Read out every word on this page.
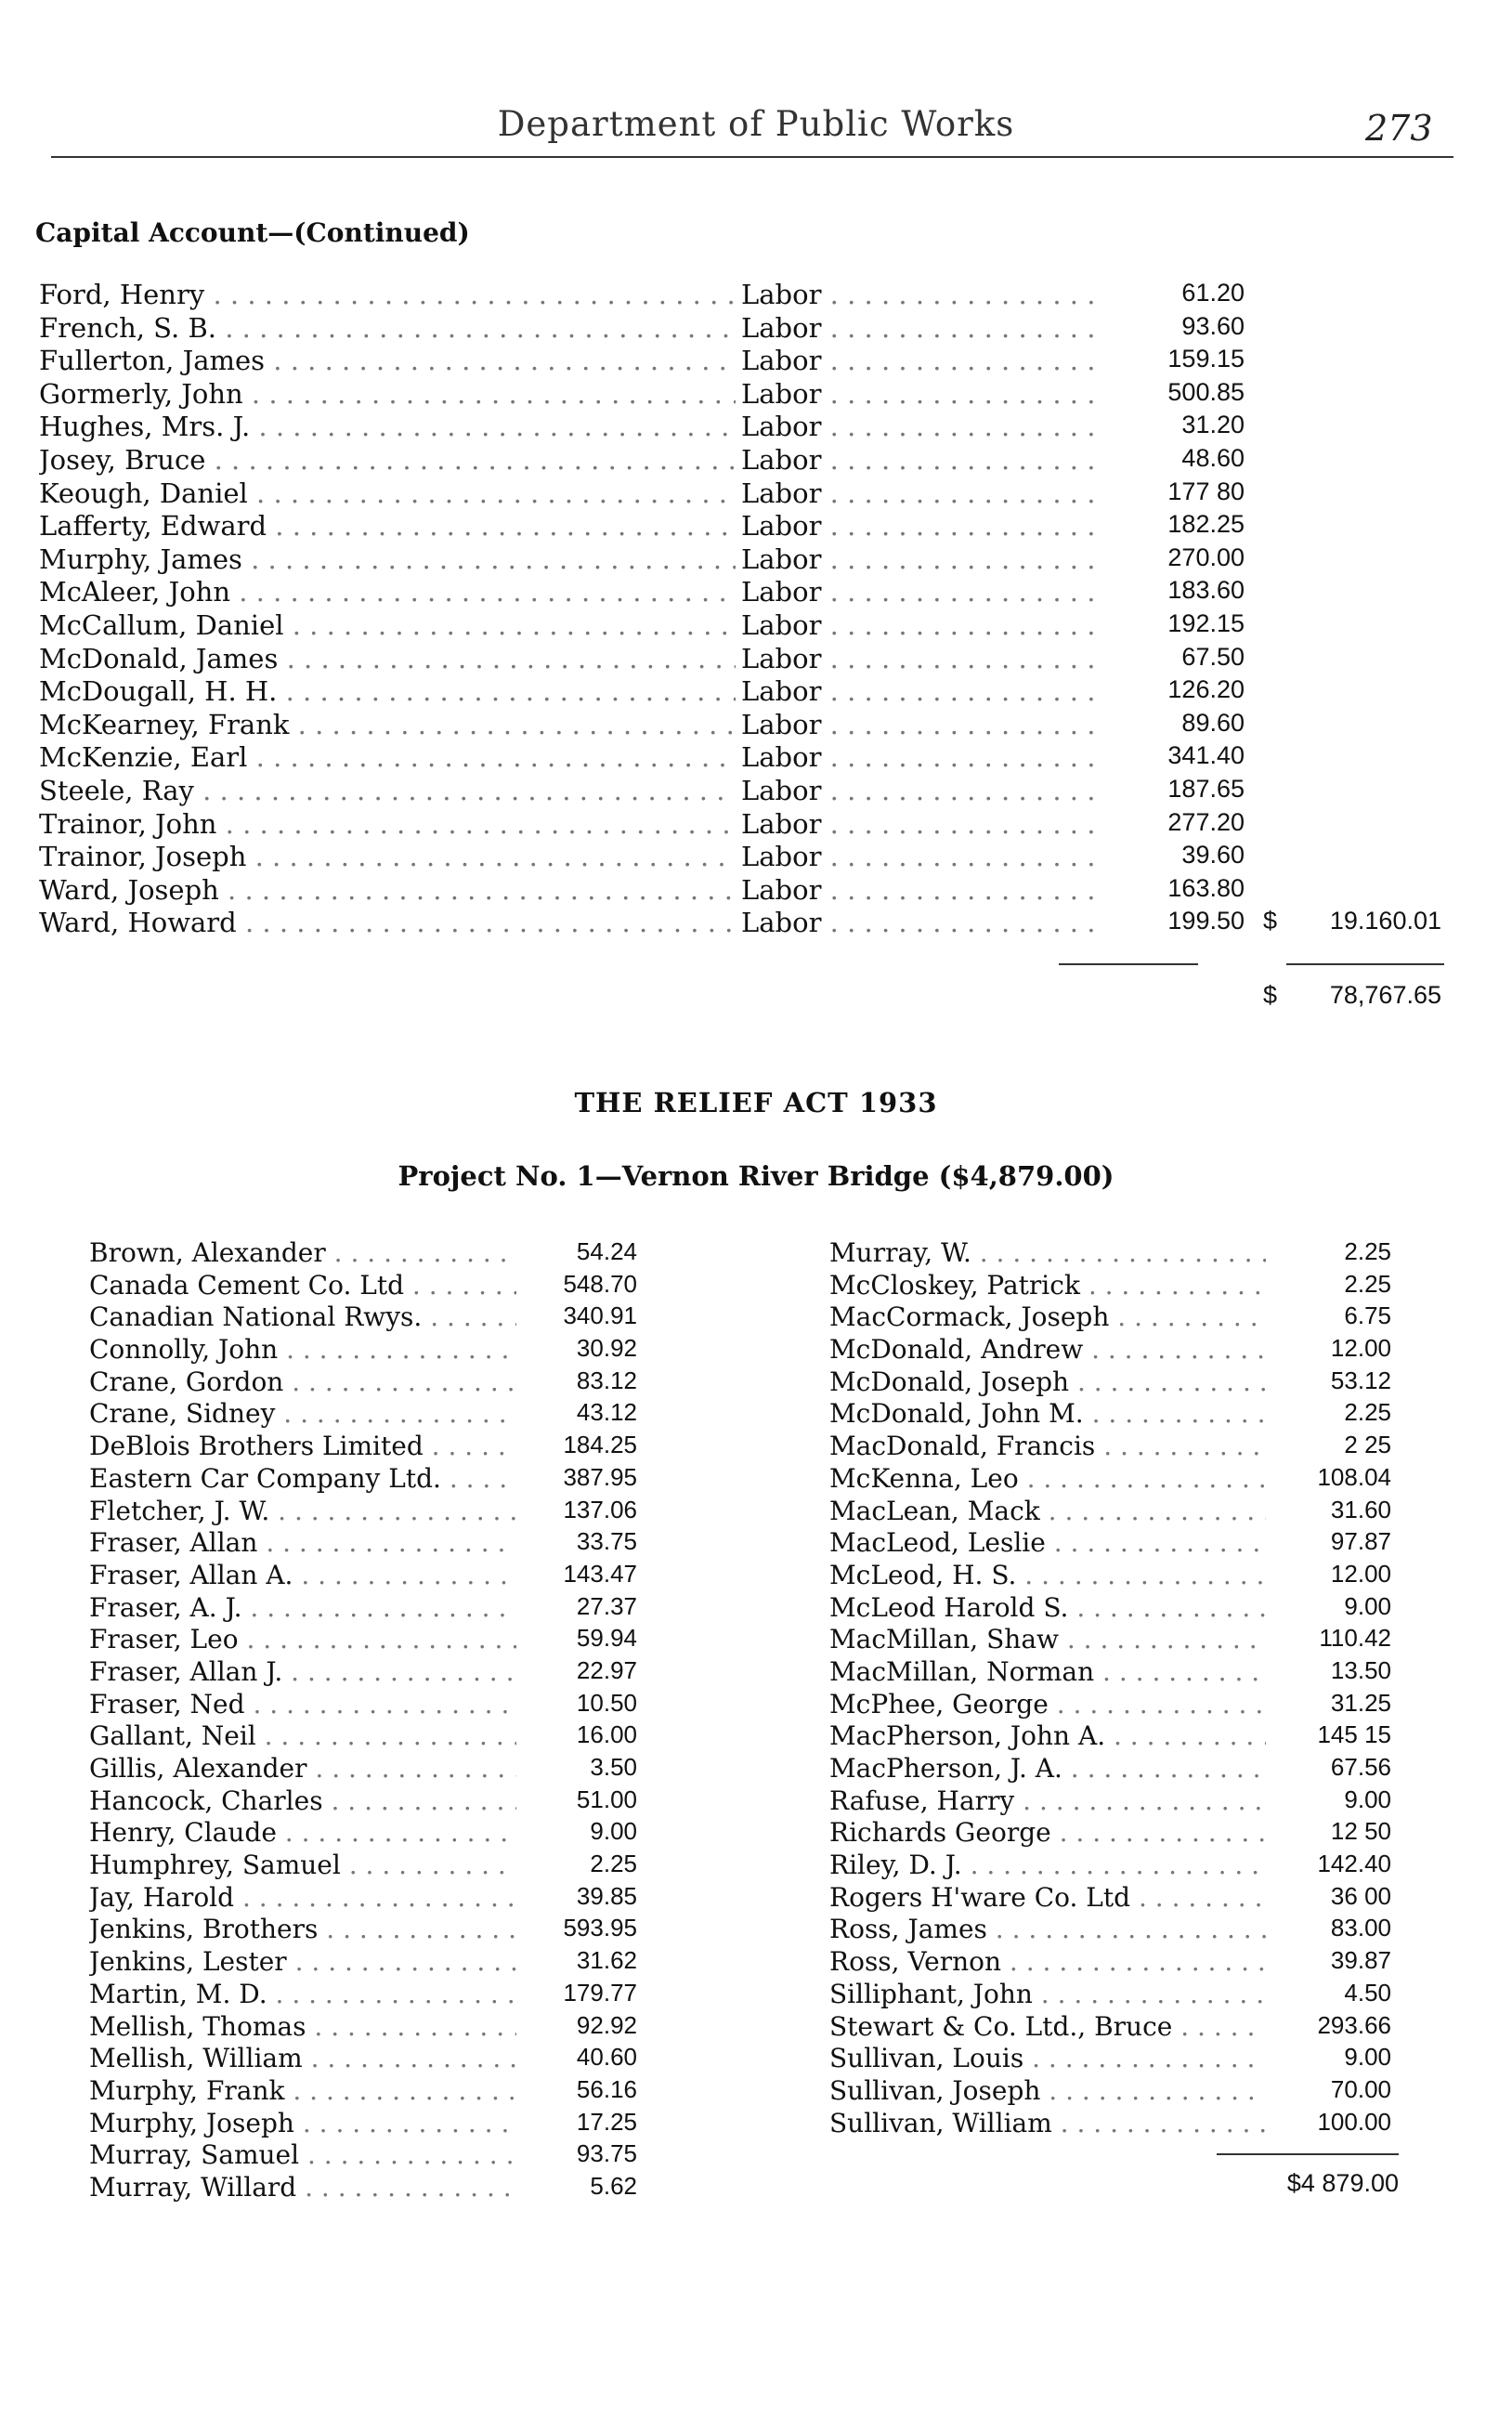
Department of Public Works	273
Capital Account—(Continued)
Ford, Henry . . .	Labor . . .	61.20
French, S. B. . . .	Labor . . .	93.60
Fullerton, James . . .	Labor . . .	159.15
Gormerly, John . . .	Labor . . .	500.85
Hughes, Mrs. J. . . .	Labor . . .	31.20
Josey, Bruce . . .	Labor . . .	48.60
Keough, Daniel . . .	Labor . . .	177 80
Lafferty, Edward . . .	Labor . . .	182.25
Murphy, James . . .	Labor . . .	270.00
McAleer, John . . .	Labor . . .	183.60
McCallum, Daniel . . .	Labor . . .	192.15
McDonald, James . . .	Labor . . .	67.50
McDougall, H. H. . . .	Labor . . .	126.20
McKearney, Frank . . .	Labor . . .	89.60
McKenzie, Earl . . .	Labor . . .	341.40
Steele, Ray . . .	Labor . . .	187.65
Trainor, John . . .	Labor . . .	277.20
Trainor, Joseph . . .	Labor . . .	39.60
Ward, Joseph . . .	Labor . . .	163.80
Ward, Howard . . .	Labor . . .	199.50 $	19.160.01
$	78,767.65
THE RELIEF ACT 1933
Project No. 1—Vernon River Bridge ($4,879.00)
Brown, Alexander . . .	54.24
Canada Cement Co. Ltd . . .	548.70
Canadian National Rwys. . . .	340.91
Connolly, John . . .	30.92
Crane, Gordon . . .	83.12
Crane, Sidney . . .	43.12
DeBlois Brothers Limited . . .	184.25
Eastern Car Company Ltd. . . .	387.95
Fletcher, J. W. . . .	137.06
Fraser, Allan . . .	33.75
Fraser, Allan A. . . .	143.47
Fraser, A. J. . . .	27.37
Fraser, Leo . . .	59.94
Fraser, Allan J. . . .	22.97
Fraser, Ned . . .	10.50
Gallant, Neil . . .	16.00
Gillis, Alexander . . .	3.50
Hancock, Charles . . .	51.00
Henry, Claude . . .	9.00
Humphrey, Samuel . . .	2.25
Jay, Harold . . .	39.85
Jenkins, Brothers . . .	593.95
Jenkins, Lester . . .	31.62
Martin, M. D. . . .	179.77
Mellish, Thomas . . .	92.92
Mellish, William . . .	40.60
Murphy, Frank . . .	56.16
Murphy, Joseph . . .	17.25
Murray, Samuel . . .	93.75
Murray, Willard . . .	5.62
Murray, W. . . .	2.25
McCloskey, Patrick . . .	2.25
MacCormack, Joseph . . .	6.75
McDonald, Andrew . . .	12.00
McDonald, Joseph . . .	53.12
McDonald, John M. . . .	2.25
MacDonald, Francis . . .	2 25
McKenna, Leo . . .	108.04
MacLean, Mack . . .	31.60
MacLeod, Leslie . . .	97.87
McLeod, H. S. . . .	12.00
McLeod Harold S. . . .	9.00
MacMillan, Shaw . . .	110.42
MacMillan, Norman . . .	13.50
McPhee, George . . .	31.25
MacPherson, John A. . . .	145 15
MacPherson, J. A. . . .	67.56
Rafuse, Harry . . .	9.00
Richards George . . .	12 50
Riley, D. J. . . .	142.40
Rogers H'ware Co. Ltd . . .	36 00
Ross, James . . .	83.00
Ross, Vernon . . .	39.87
Silliphant, John . . .	4.50
Stewart & Co. Ltd., Bruce . . .	293.66
Sullivan, Louis . . .	9.00
Sullivan, Joseph . . .	70.00
Sullivan, William . . .	100.00
$4 879.00
